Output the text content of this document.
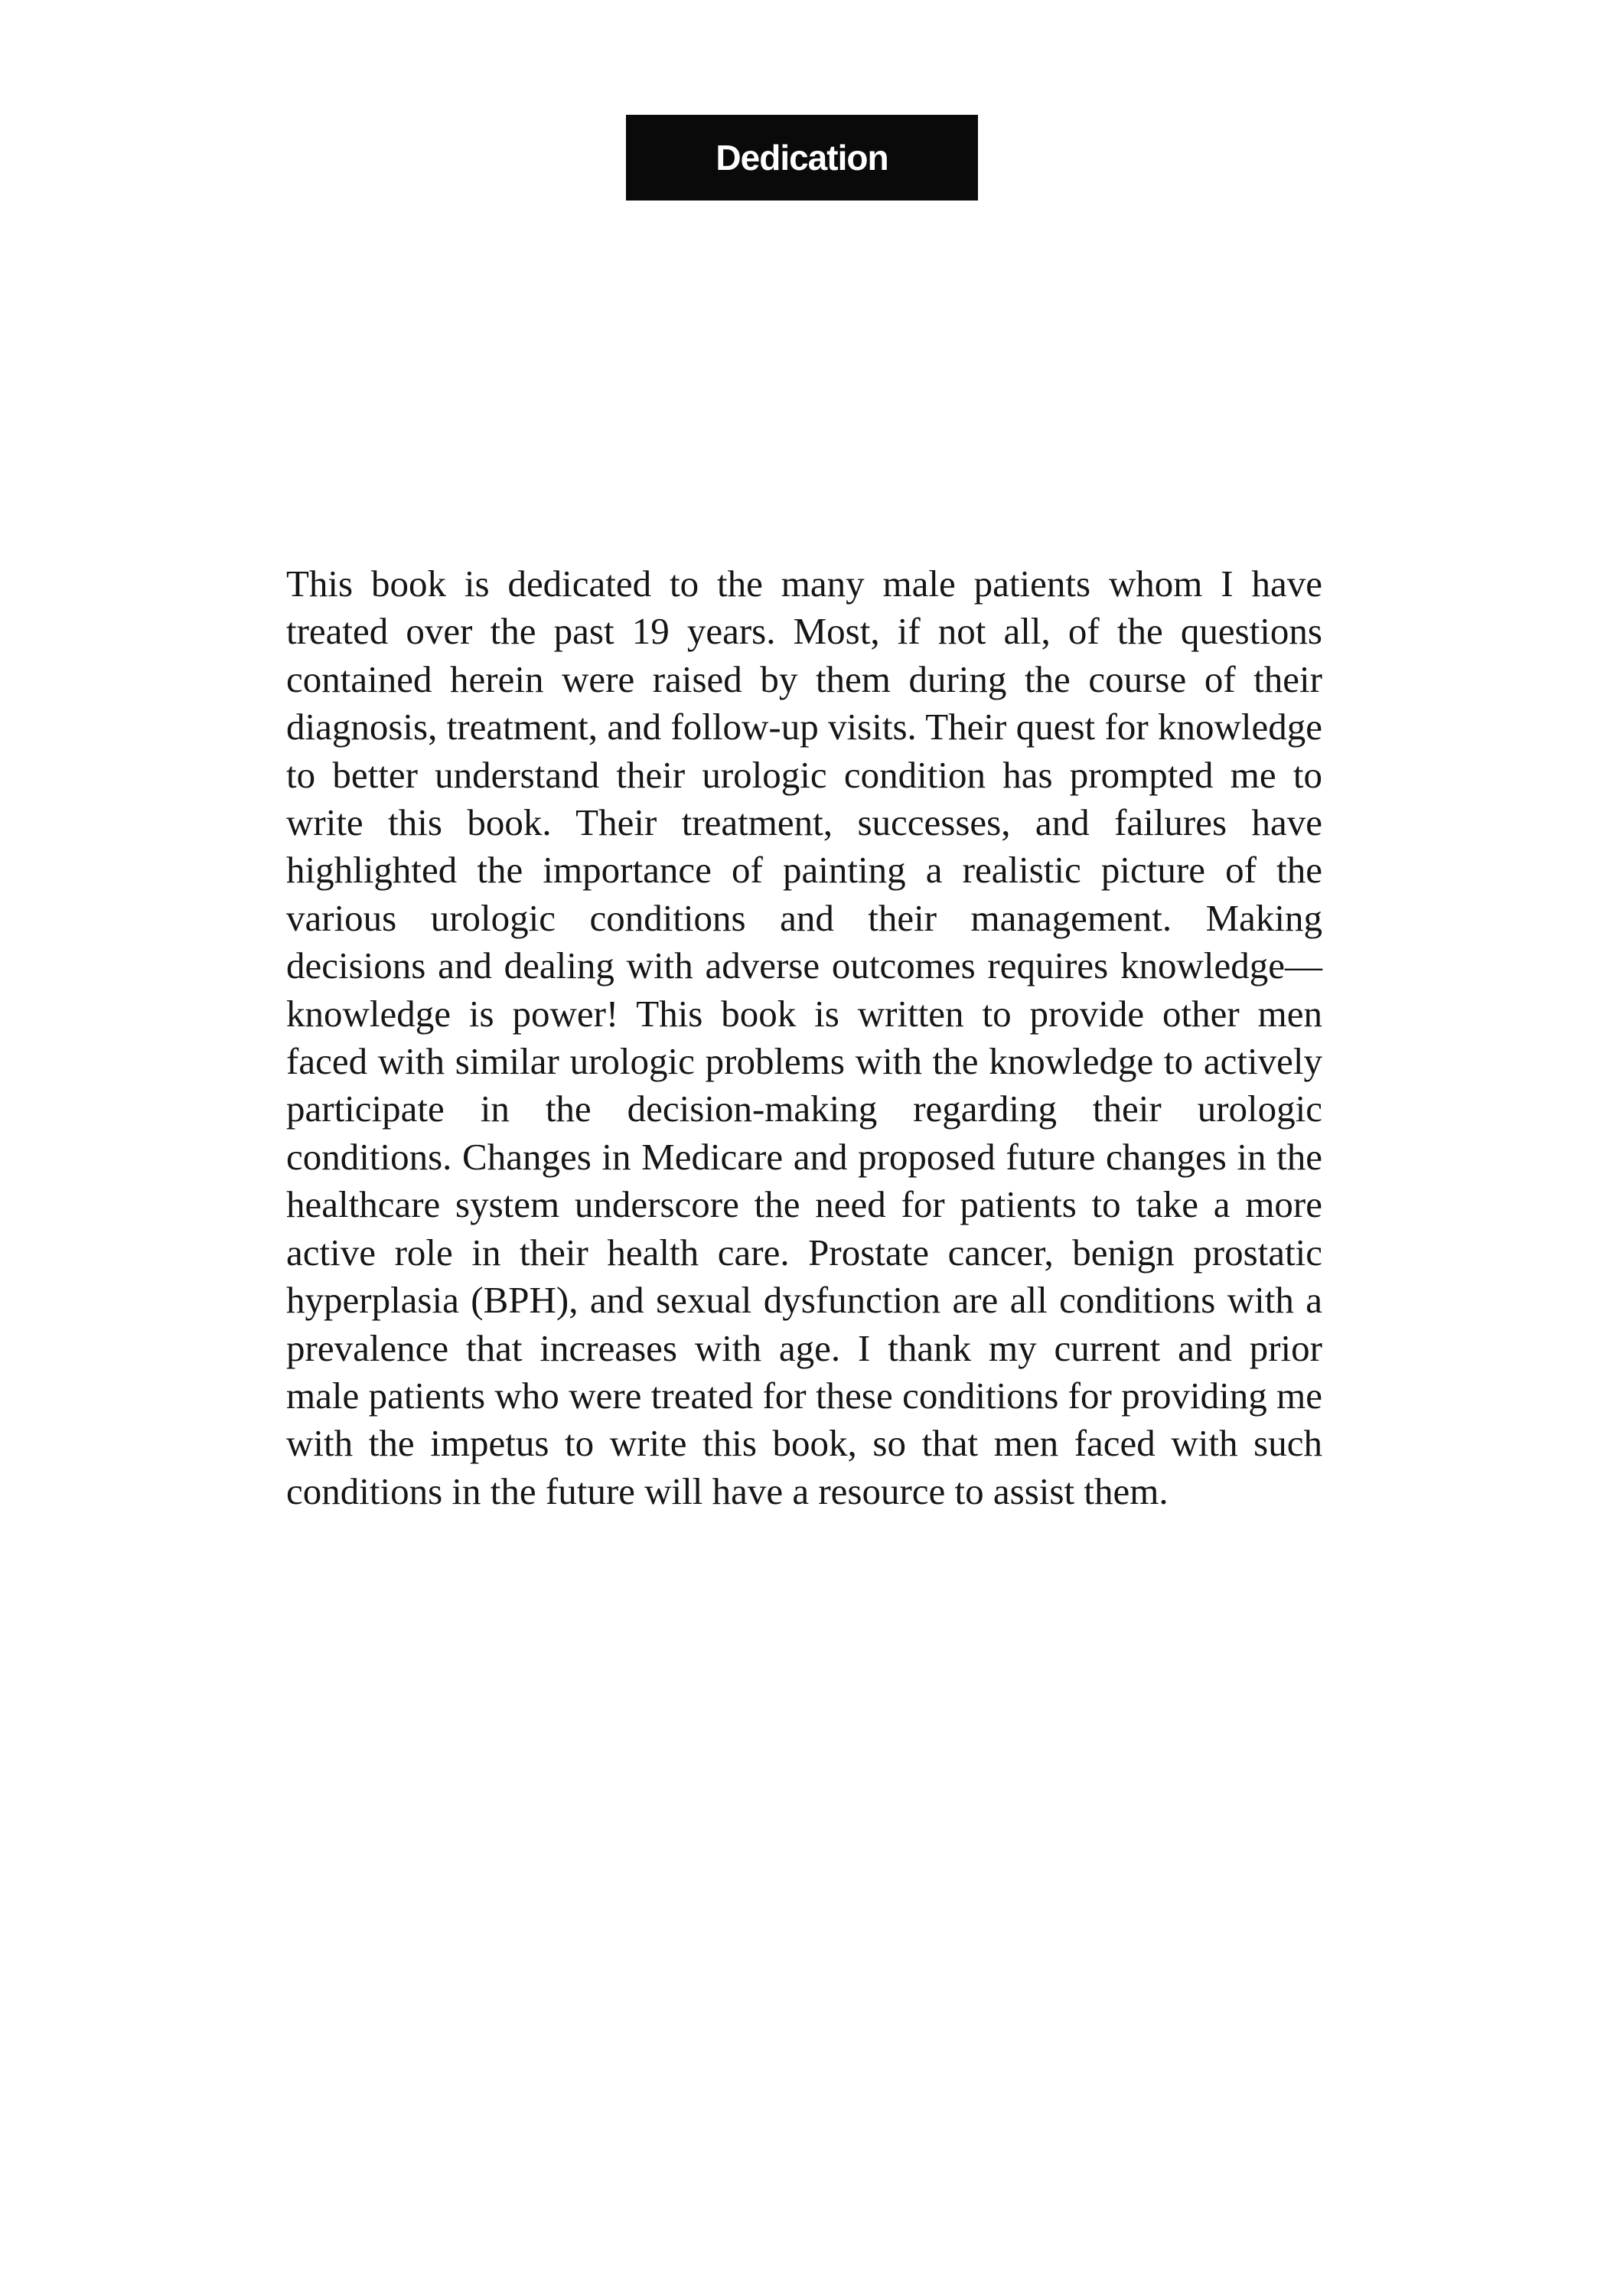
Dedication

This book is dedicated to the many male patients whom I have treated over the past 19 years. Most, if not all, of the questions contained herein were raised by them during the course of their diagnosis, treatment, and follow-up visits. Their quest for knowledge to better understand their urologic condition has prompted me to write this book. Their treatment, successes, and failures have highlighted the importance of painting a realistic picture of the various urologic conditions and their management. Making decisions and dealing with adverse outcomes requires knowledge—knowledge is power! This book is written to provide other men faced with similar urologic problems with the knowledge to actively participate in the decision-making regarding their urologic conditions. Changes in Medicare and proposed future changes in the healthcare system underscore the need for patients to take a more active role in their health care. Prostate cancer, benign prostatic hyperplasia (BPH), and sexual dysfunction are all conditions with a prevalence that increases with age. I thank my current and prior male patients who were treated for these conditions for providing me with the impetus to write this book, so that men faced with such conditions in the future will have a resource to assist them.
